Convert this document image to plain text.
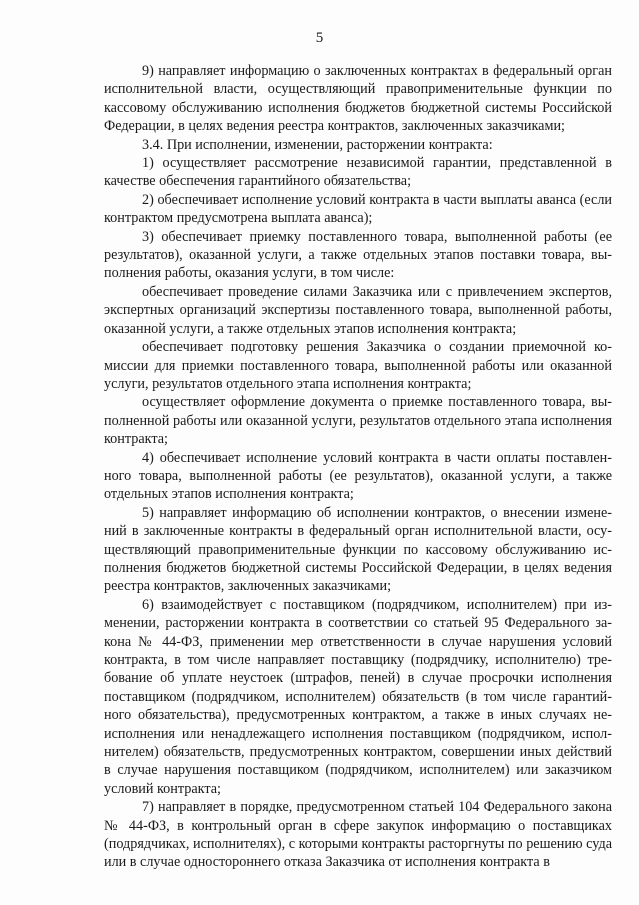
5

9) направляет информацию о заключенных контрактах в федеральный орган исполнительной власти, осуществляющий правоприменительные функции по кассовому обслуживанию исполнения бюджетов бюджетной системы Российской Федерации, в целях ведения реестра контрактов, заключенных заказчиками;

3.4. При исполнении, изменении, расторжении контракта:

1) осуществляет рассмотрение независимой гарантии, представленной в качестве обеспечения гарантийного обязательства;

2) обеспечивает исполнение условий контракта в части выплаты аванса (если контрактом предусмотрена выплата аванса);

3) обеспечивает приемку поставленного товара, выполненной работы (ее результатов), оказанной услуги, а также отдельных этапов поставки товара, выполнения работы, оказания услуги, в том числе:

обеспечивает проведение силами Заказчика или с привлечением экспертов, экспертных организаций экспертизы поставленного товара, выполненной работы, оказанной услуги, а также отдельных этапов исполнения контракта;

обеспечивает подготовку решения Заказчика о создании приемочной комиссии для приемки поставленного товара, выполненной работы или оказанной услуги, результатов отдельного этапа исполнения контракта;

осуществляет оформление документа о приемке поставленного товара, выполненной работы или оказанной услуги, результатов отдельного этапа исполнения контракта;

4) обеспечивает исполнение условий контракта в части оплаты поставленного товара, выполненной работы (ее результатов), оказанной услуги, а также отдельных этапов исполнения контракта;

5) направляет информацию об исполнении контрактов, о внесении изменений в заключенные контракты в федеральный орган исполнительной власти, осуществляющий правоприменительные функции по кассовому обслуживанию исполнения бюджетов бюджетной системы Российской Федерации, в целях ведения реестра контрактов, заключенных заказчиками;

6) взаимодействует с поставщиком (подрядчиком, исполнителем) при изменении, расторжении контракта в соответствии со статьей 95 Федерального закона № 44-ФЗ, применении мер ответственности в случае нарушения условий контракта, в том числе направляет поставщику (подрядчику, исполнителю) требование об уплате неустоек (штрафов, пеней) в случае просрочки исполнения поставщиком (подрядчиком, исполнителем) обязательств (в том числе гарантийного обязательства), предусмотренных контрактом, а также в иных случаях неисполнения или ненадлежащего исполнения поставщиком (подрядчиком, исполнителем) обязательств, предусмотренных контрактом, совершении иных действий в случае нарушения поставщиком (подрядчиком, исполнителем) или заказчиком условий контракта;

7) направляет в порядке, предусмотренном статьей 104 Федерального закона № 44-ФЗ, в контрольный орган в сфере закупок информацию о поставщиках (подрядчиках, исполнителях), с которыми контракты расторгнуты по решению суда или в случае одностороннего отказа Заказчика от исполнения контракта в
